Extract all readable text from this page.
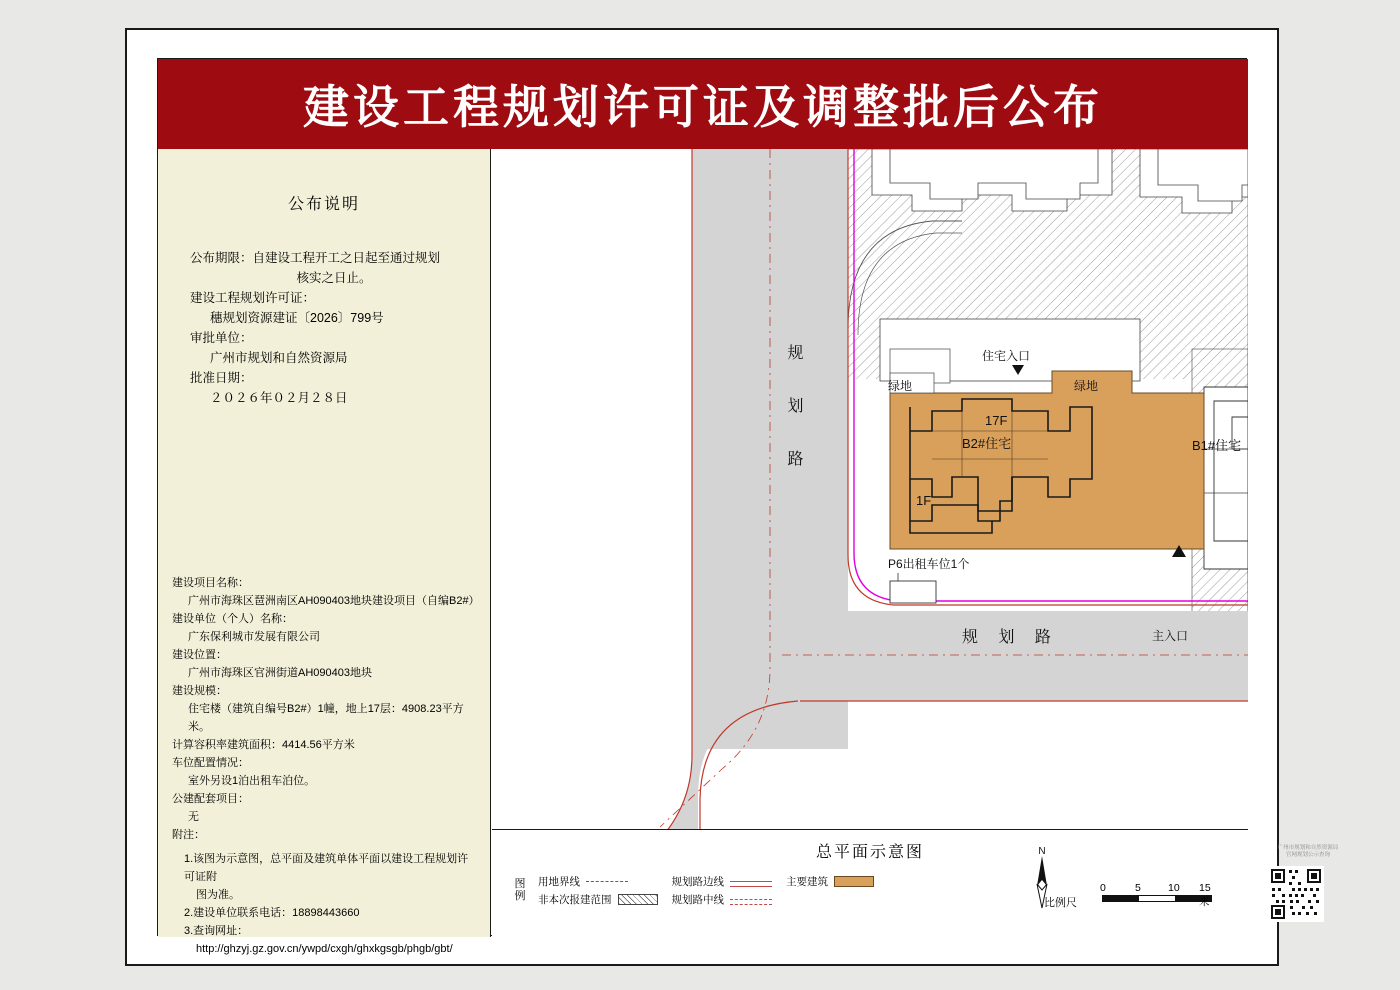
建设工程规划许可证及调整批后公布
公布说明
公布期限：自建设工程开工之日起至通过规划
核实之日止。
建设工程规划许可证：
穗规划资源建证〔2026〕799号
审批单位：
广州市规划和自然资源局
批准日期：
２０２６年０２月２８日
建设项目名称：
广州市海珠区琶洲南区AH090403地块建设项目（自编B2#）
建设单位（个人）名称：
广东保利城市发展有限公司
建设位置：
广州市海珠区官洲街道AH090403地块
建设规模：
住宅楼（建筑自编号B2#）1幢，地上17层：4908.23平方米。
计算容积率建筑面积：4414.56平方米
车位配置情况：
室外另设1泊出租车泊位。
公建配套项目：
无
附注：
1.该图为示意图，总平面及建筑单体平面以建设工程规划许可证附
图为准。
2.建设单位联系电话：18898443660
3.查询网址：
http://ghzyj.gz.gov.cn/ywpd/cxgh/ghxkgsgb/phgb/gbt/
规 划 路
规 划 路	主入口
住宅入口
绿地	绿地
17F
B2#住宅
1F
B1#住宅
P6出租车位1个
总平面示意图
图例
用地界线
非本次报建范围
规划路边线
规划路中线
主要建筑
N
比例尺
0	5	10 15米
广州市规划和自然资源局
官网规划公示查询
